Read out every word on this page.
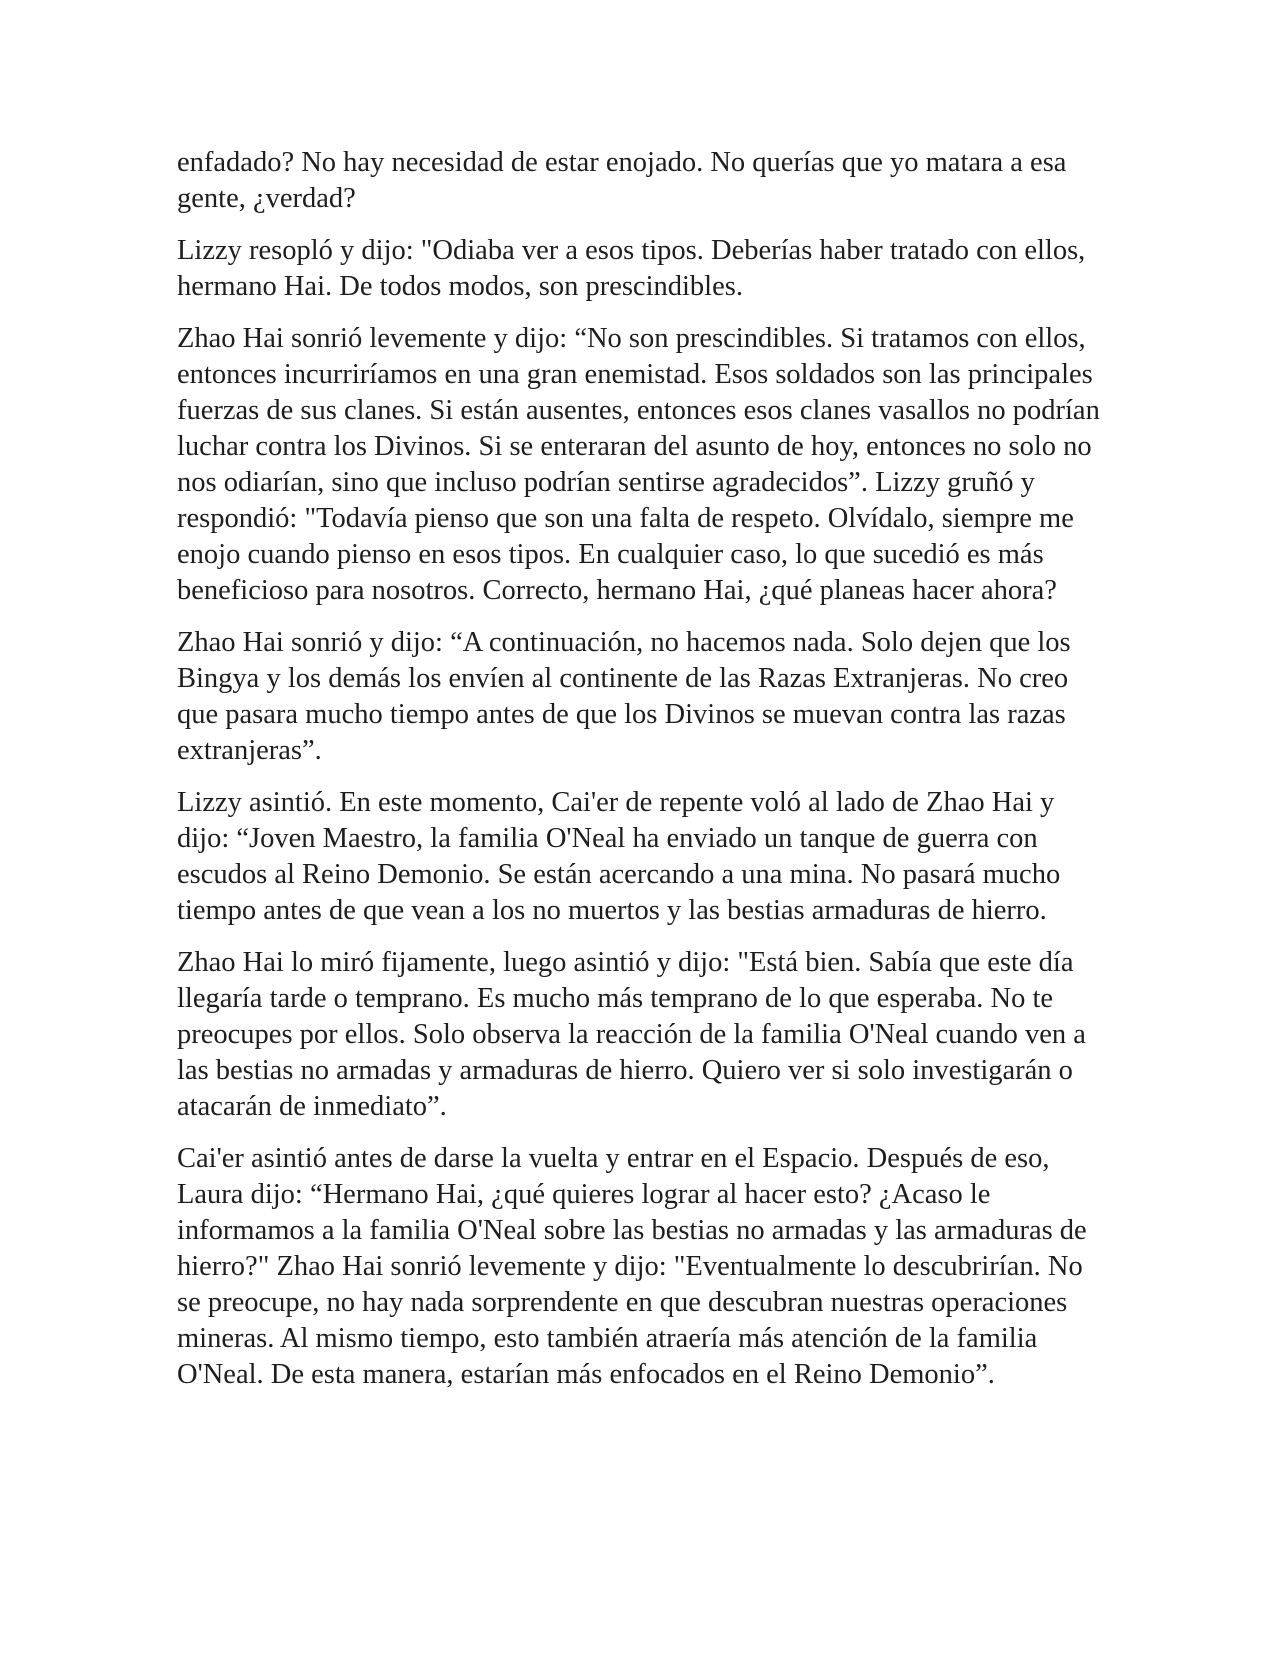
enfadado? No hay necesidad de estar enojado. No querías que yo matara a esa gente, ¿verdad?

Lizzy resopló y dijo: "Odiaba ver a esos tipos. Deberías haber tratado con ellos, hermano Hai. De todos modos, son prescindibles.

Zhao Hai sonrió levemente y dijo: “No son prescindibles. Si tratamos con ellos, entonces incurriríamos en una gran enemistad. Esos soldados son las principales fuerzas de sus clanes. Si están ausentes, entonces esos clanes vasallos no podrían luchar contra los Divinos. Si se enteraran del asunto de hoy, entonces no solo no nos odiarían, sino que incluso podrían sentirse agradecidos”. Lizzy gruñó y respondió: "Todavía pienso que son una falta de respeto. Olvídalo, siempre me enojo cuando pienso en esos tipos. En cualquier caso, lo que sucedió es más beneficioso para nosotros. Correcto, hermano Hai, ¿qué planeas hacer ahora?

Zhao Hai sonrió y dijo: “A continuación, no hacemos nada. Solo dejen que los Bingya y los demás los envíen al continente de las Razas Extranjeras. No creo que pasara mucho tiempo antes de que los Divinos se muevan contra las razas extranjeras”.

Lizzy asintió. En este momento, Cai'er de repente voló al lado de Zhao Hai y dijo: “Joven Maestro, la familia O'Neal ha enviado un tanque de guerra con escudos al Reino Demonio. Se están acercando a una mina. No pasará mucho tiempo antes de que vean a los no muertos y las bestias armaduras de hierro.

Zhao Hai lo miró fijamente, luego asintió y dijo: "Está bien. Sabía que este día llegaría tarde o temprano. Es mucho más temprano de lo que esperaba. No te preocupes por ellos. Solo observa la reacción de la familia O'Neal cuando ven a las bestias no armadas y armaduras de hierro. Quiero ver si solo investigarán o atacarán de inmediato”.

Cai'er asintió antes de darse la vuelta y entrar en el Espacio. Después de eso, Laura dijo: “Hermano Hai, ¿qué quieres lograr al hacer esto? ¿Acaso le informamos a la familia O'Neal sobre las bestias no armadas y las armaduras de hierro?" Zhao Hai sonrió levemente y dijo: "Eventualmente lo descubrirían. No se preocupe, no hay nada sorprendente en que descubran nuestras operaciones mineras. Al mismo tiempo, esto también atraería más atención de la familia O'Neal. De esta manera, estarían más enfocados en el Reino Demonio”.
